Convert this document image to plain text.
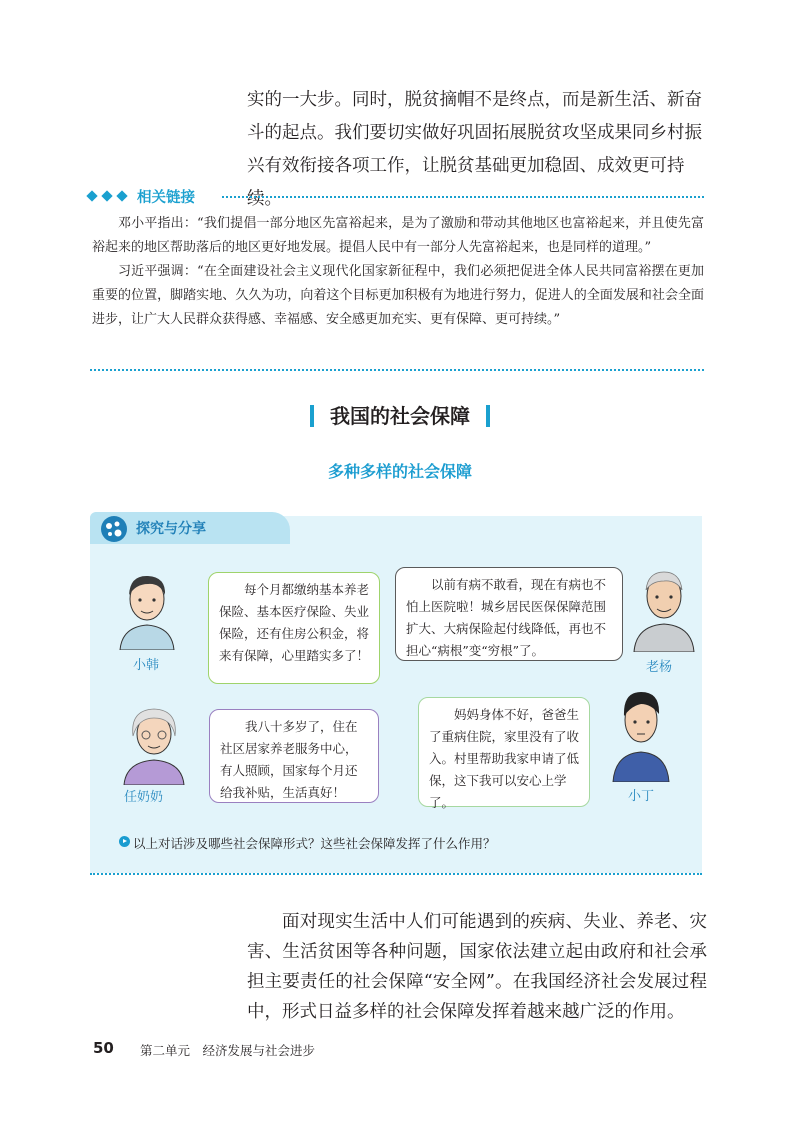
实的一大步。同时，脱贫摘帽不是终点，而是新生活、新奋斗的起点。我们要切实做好巩固拓展脱贫攻坚成果同乡村振兴有效衔接各项工作，让脱贫基础更加稳固、成效更可持续。

相关链接

邓小平指出：“我们提倡一部分地区先富裕起来，是为了激励和带动其他地区也富裕起来，并且使先富裕起来的地区帮助落后的地区更好地发展。提倡人民中有一部分人先富裕起来，也是同样的道理。”

习近平强调：“在全面建设社会主义现代化国家新征程中，我们必须把促进全体人民共同富裕摆在更加重要的位置，脚踏实地、久久为功，向着这个目标更加积极有为地进行努力，促进人的全面发展和社会全面进步，让广大人民群众获得感、幸福感、安全感更加充实、更有保障、更可持续。”

我国的社会保障
多种多样的社会保障
探究与分享
小韩

每个月都缴纳基本养老保险、基本医疗保险、失业保险，还有住房公积金，将来有保障，心里踏实多了！

老杨

以前有病不敢看，现在有病也不怕上医院啦！城乡居民医保保障范围扩大、大病保险起付线降低，再也不担心“病根”变“穷根”了。

任奶奶

我八十多岁了，住在社区居家养老服务中心，有人照顾，国家每个月还给我补贴，生活真好！	小丁

妈妈身体不好，爸爸生了重病住院，家里没有了收入。村里帮助我家申请了低保，这下我可以安心上学了。

以上对话涉及哪些社会保障形式？这些社会保障发挥了什么作用？

面对现实生活中人们可能遇到的疾病、失业、养老、灾害、生活贫困等各种问题，国家依法建立起由政府和社会承担主要责任的社会保障“安全网”。在我国经济社会发展过程中，形式日益多样的社会保障发挥着越来越广泛的作用。

50 第二单元　经济发展与社会进步
